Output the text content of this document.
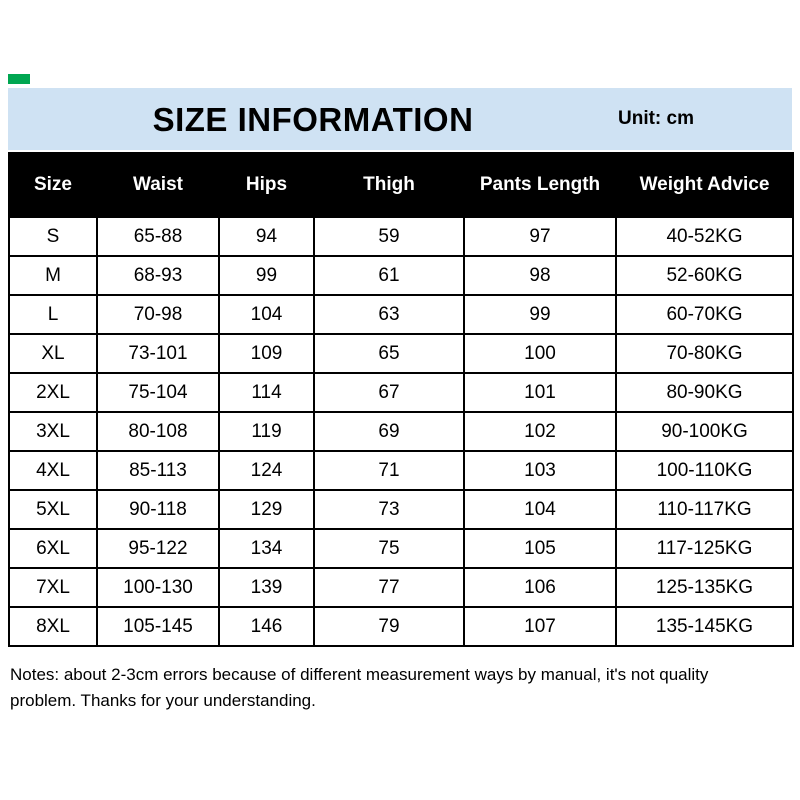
SIZE INFORMATION	Unit: cm
Size	Waist	Hips	Thigh	Pants Length	Weight Advice
S	65-88	94	59	97	40-52KG
M	68-93	99	61	98	52-60KG
L	70-98	104	63	99	60-70KG
XL	73-101	109	65	100	70-80KG
2XL	75-104	114	67	101	80-90KG
3XL	80-108	119	69	102	90-100KG
4XL	85-113	124	71	103	100-110KG
5XL	90-118	129	73	104	110-117KG
6XL	95-122	134	75	105	117-125KG
7XL	100-130	139	77	106	125-135KG
8XL	105-145	146	79	107	135-145KG
Notes: about 2-3cm errors because of different measurement ways by manual, it's not quality
problem. Thanks for your understanding.
